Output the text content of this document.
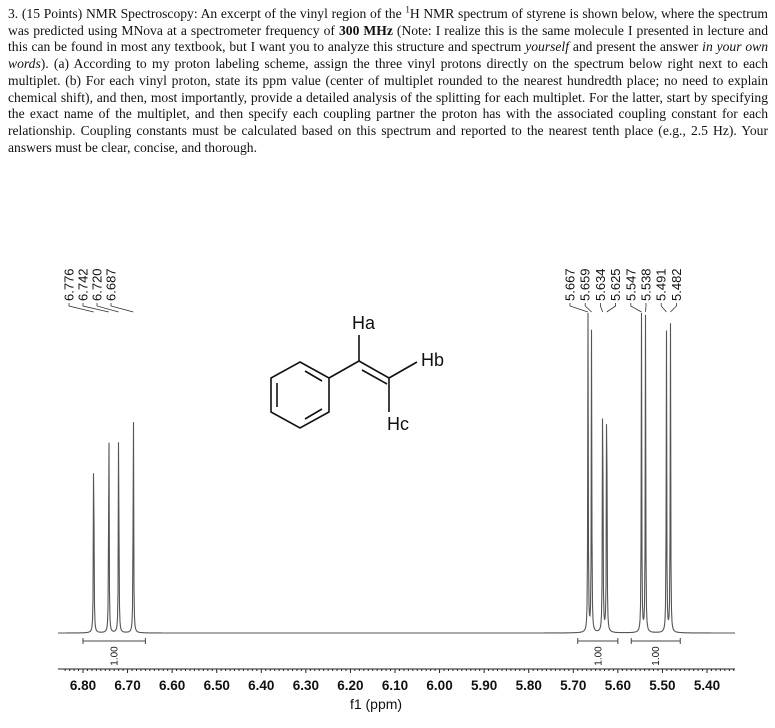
3. (15 Points) NMR Spectroscopy: An excerpt of the vinyl region of the $^1$H NMR spectrum of styrene is shown below, where the spectrum was predicted using MNova at a spectrometer frequency of 300 MHz (Note: I realize this is the same molecule I presented in lecture and this can be found in most any textbook, but I want you to analyze this structure and spectrum yourself and present the answer in your own words). (a) According to my proton labeling scheme, assign the three vinyl protons directly on the spectrum below right next to each multiplet. (b) For each vinyl proton, state its ppm value (center of multiplet rounded to the nearest hundredth place; no need to explain chemical shift), and then, most importantly, provide a detailed analysis of the splitting for each multiplet. For the latter, start by specifying the exact name of the multiplet, and then specify each coupling partner the proton has with the associated coupling constant for each relationship. Coupling constants must be calculated based on this spectrum and reported to the nearest tenth place (e.g., 2.5 Hz). Your answers must be clear, concise, and thorough.
6.776 6.742 6.720 6.687	5.667 5.659 5.634 5.625 5.547 5.538 5.491 5.482
Ha
Hb
Hc
1.00	1.00	1.00
6.80 6.70 6.60 6.50 6.40 6.30 6.20 6.10 6.00 5.90 5.80 5.70 5.60 5.50 5.40
f1 (ppm)
